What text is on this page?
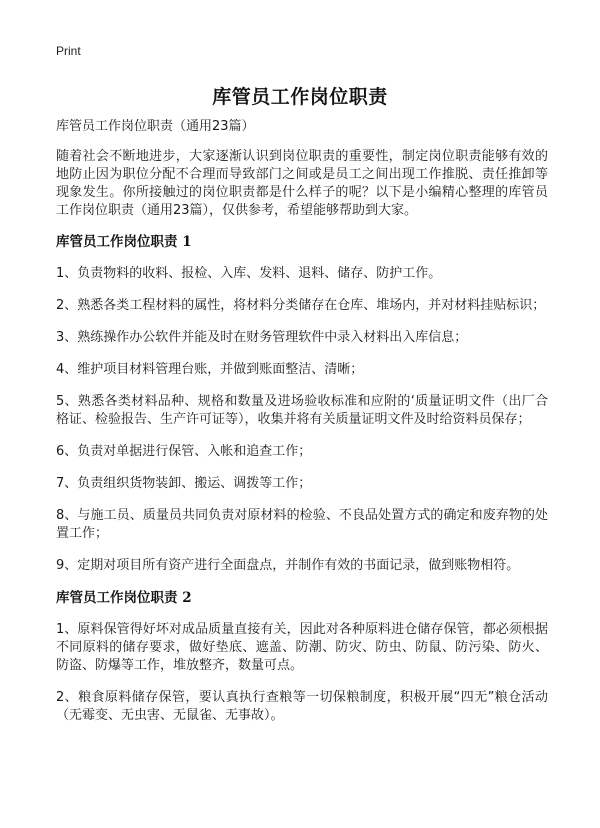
Print
库管员工作岗位职责

库管员工作岗位职责（通用23篇）

随着社会不断地进步，大家逐渐认识到岗位职责的重要性，制定岗位职责能够有效的地防止因为职位分配不合理而导致部门之间或是员工之间出现工作推脱、责任推卸等现象发生。你所接触过的岗位职责都是什么样子的呢？以下是小编精心整理的库管员工作岗位职责（通用23篇），仅供参考，希望能够帮助到大家。

库管员工作岗位职责 1

1、负责物料的收料、报检、入库、发料、退料、储存、防护工作。

2、熟悉各类工程材料的属性，将材料分类储存在仓库、堆场内，并对材料挂贴标识；

3、熟练操作办公软件并能及时在财务管理软件中录入材料出入库信息；

4、维护项目材料管理台账，并做到账面整洁、清晰；

5、熟悉各类材料品种、规格和数量及进场验收标准和应附的‘质量证明文件（出厂合格证、检验报告、生产许可证等），收集并将有关质量证明文件及时给资料员保存；

6、负责对单据进行保管、入帐和追查工作；

7、负责组织货物装卸、搬运、调拨等工作；

8、与施工员、质量员共同负责对原材料的检验、不良品处置方式的确定和废弃物的处置工作；

9、定期对项目所有资产进行全面盘点，并制作有效的书面记录，做到账物相符。

库管员工作岗位职责 2

1、原料保管得好坏对成品质量直接有关，因此对各种原料进仓储存保管，都必须根据不同原料的储存要求，做好垫底、遮盖、防潮、防灾、防虫、防鼠、防污染、防火、防盗、防爆等工作，堆放整齐，数量可点。

2、粮食原料储存保管，要认真执行查粮等一切保粮制度，积极开展“四无”粮仓活动（无霉变、无虫害、无鼠雀、无事故）。
